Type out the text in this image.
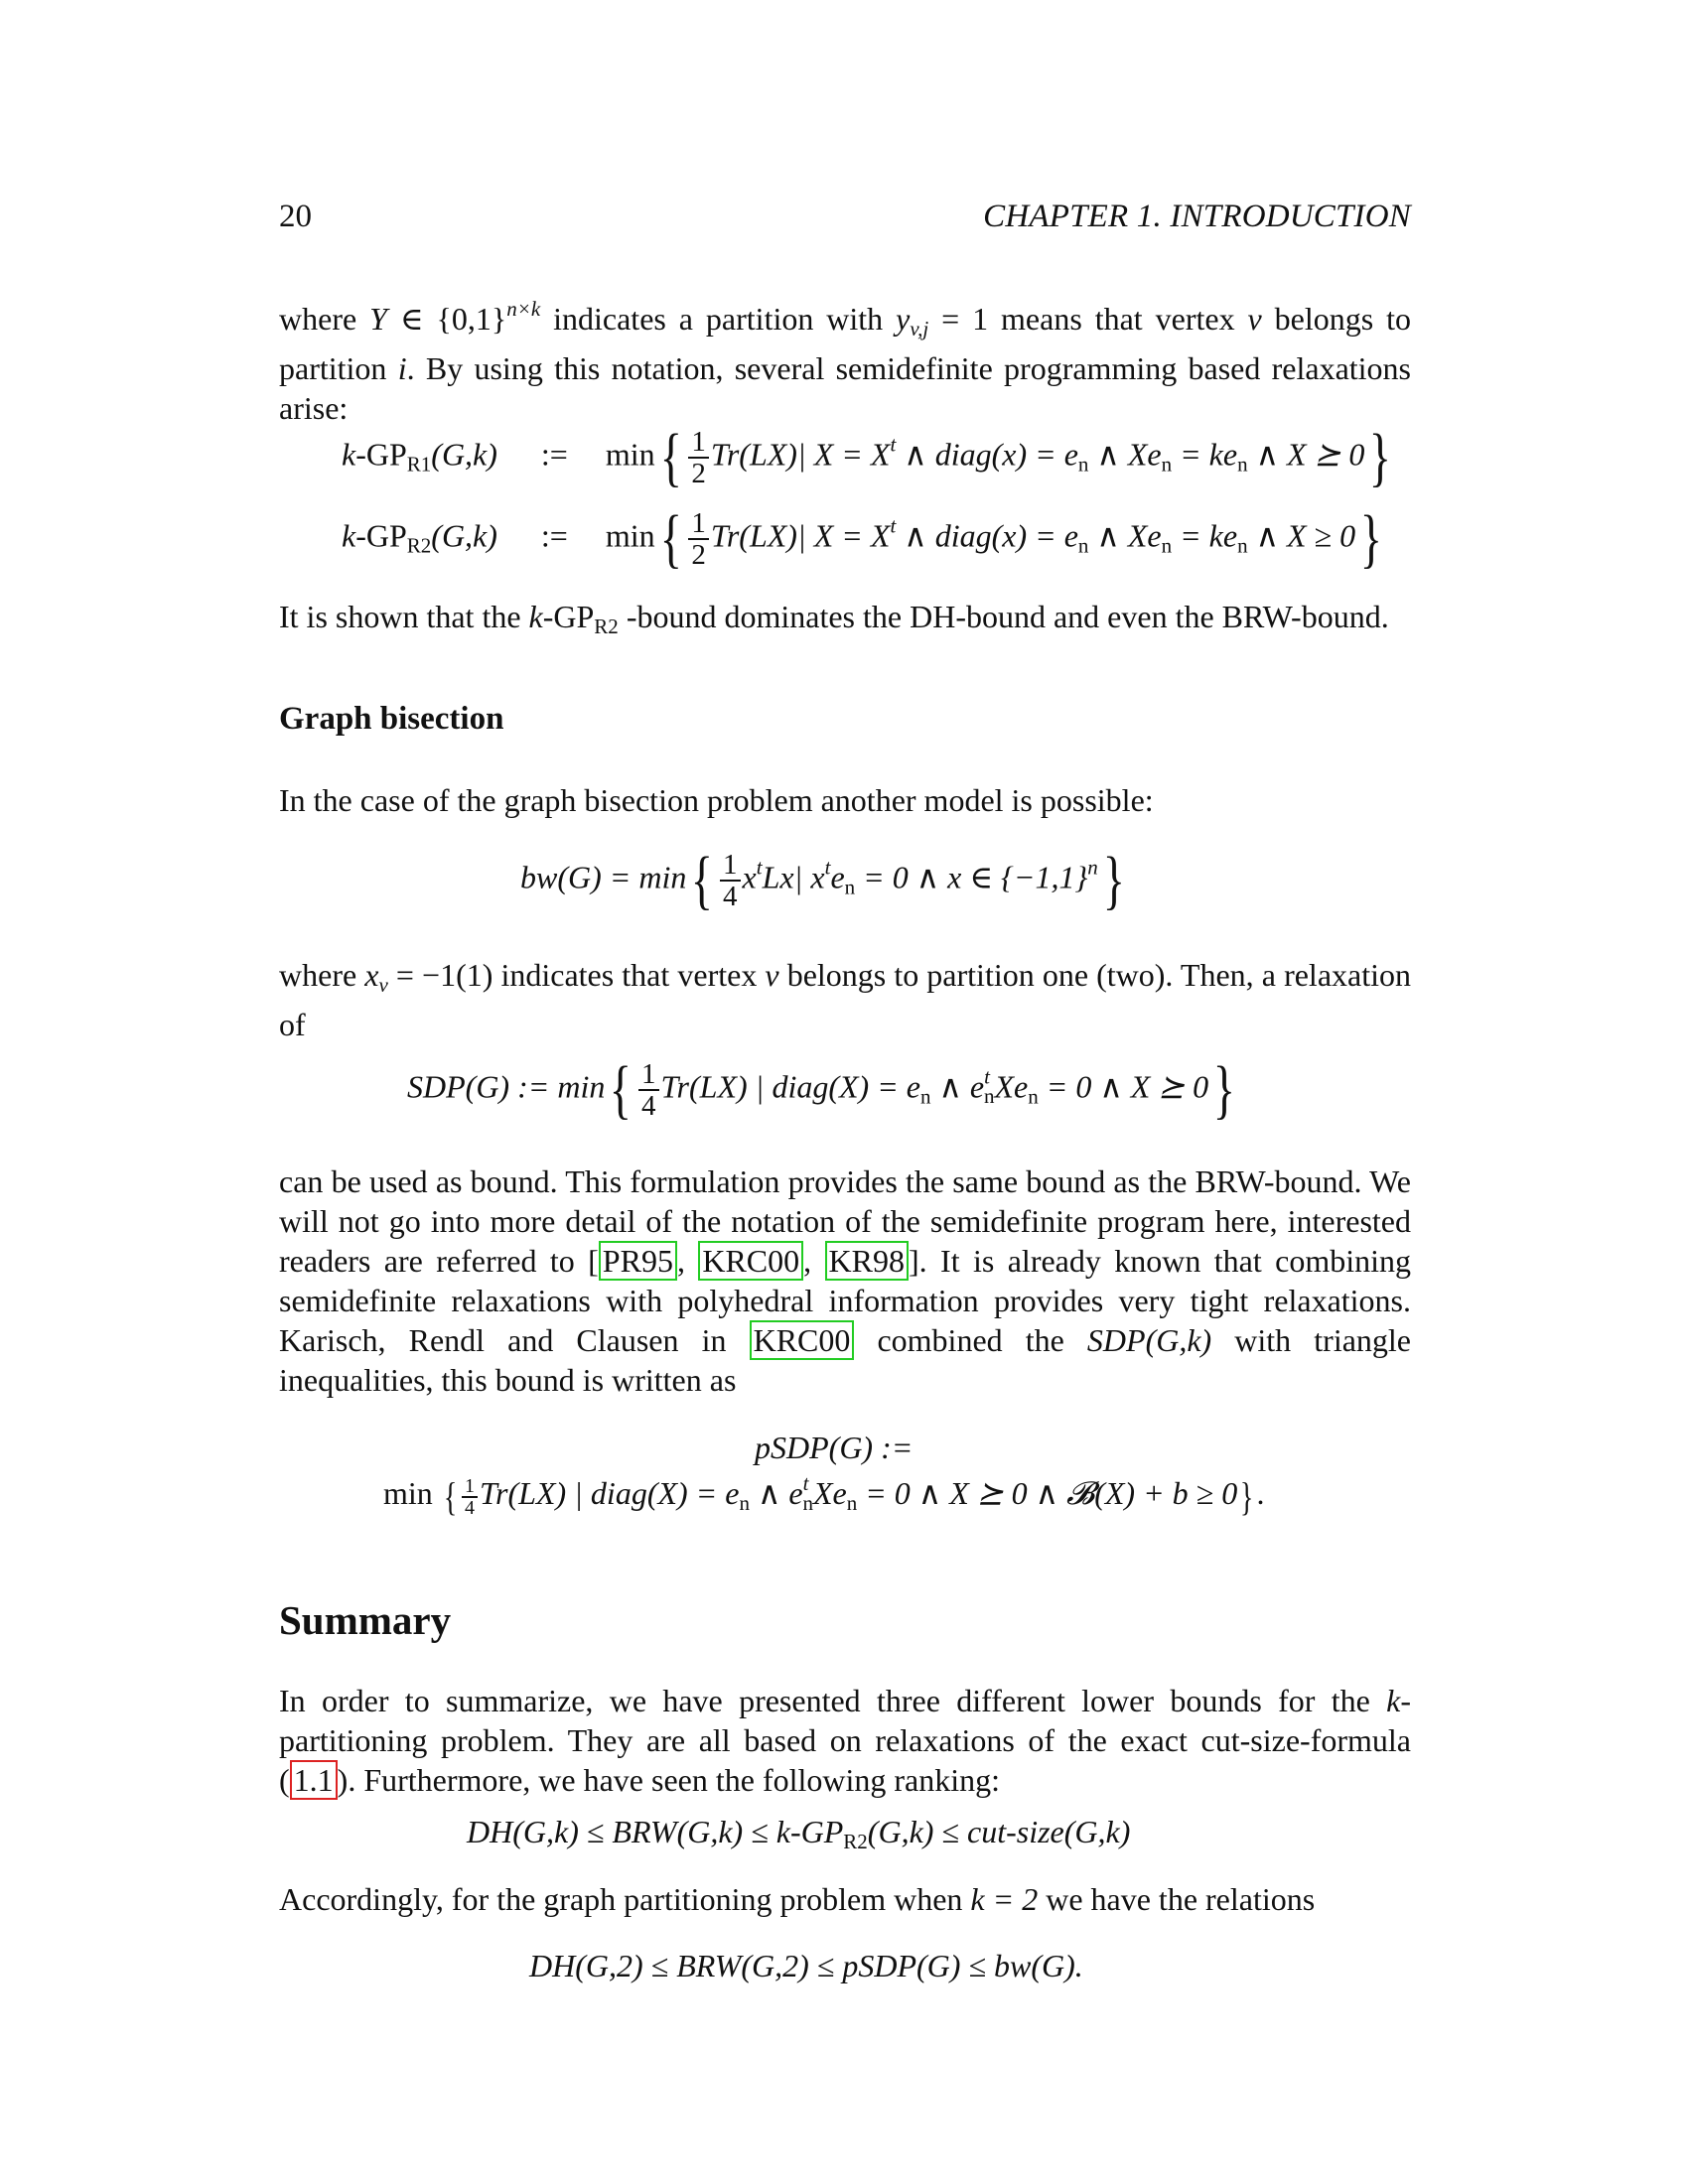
20	CHAPTER 1. INTRODUCTION
where Y ∈ $\{0,1\}^{n\times k}$ indicates a partition with $y_{v,j} = 1$ means that vertex v belongs to partition i. By using this notation, several semidefinite programming based relaxations arise:
$k-GP_{R1}(G,k)$ := $\min\{ \frac{1}{2} Tr(LX)|$ $X = X^t$ ∧ diag(x) = $e_n$ ∧ $Xe_n = ke_n$ ∧ X ⪰ 0}
$k-GP_{R2}(G,k)$ := $\min\{ \frac{1}{2} Tr(LX)|$ $X = X^t$ ∧ diag(x) = $e_n$ ∧ $Xe_n = ke_n$ ∧ X ≥ 0}
It is shown that the $k-GP_{R2}$ -bound dominates the DH-bound and even the BRW-bound.
Graph bisection
In the case of the graph bisection problem another model is possible:
$bw(G) = \min\{ \frac{1}{4} x^tLx|$ $x^te_n = 0$ ∧ x ∈ $\{-1,1\}^n$}
where $x_v = -1(1)$ indicates that vertex v belongs to partition one (two). Then, a relaxation of
SDP(G) := $\min\{ \frac{1}{4} Tr(LX)$ | diag(X) = $e_n$ ∧ $e^t_nXe_n = 0$ ∧ X ⪰ 0}
can be used as bound. This formulation provides the same bound as the BRW-bound. We will not go into more detail of the notation of the semidefinite program here, interested readers are referred to [ PR95 , KRC00 , KR98 ]. It is already known that combining semidefinite relaxations with polyhedral information provides very tight relaxations. Karisch, Rendl and Clausen in KRC00 combined the SDP(G,k) with triangle inequalities, this bound is written as
pSDP(G) :=
min { $\frac{1}{4} Tr(LX)$ | diag(X) = $e_n$ ∧ $e^t_nXe_n = 0$ ∧ X ⪰ 0 ∧ 𝓑(X) + b ≥ 0}.
Summary
In order to summarize, we have presented three different lower bounds for the k-partitioning problem. They are all based on relaxations of the exact cut-size-formula ( 1.1 ). Furthermore, we have seen the following ranking:
$DH(G,k) \le BRW(G,k) \le k-GP_{R2}(G,k)$ ≤ cut-size(G,k)
Accordingly, for the graph partitioning problem when k = 2 we have the relations
DH(G,2) ≤ BRW(G,2) ≤ pSDP(G) ≤ bw(G).
